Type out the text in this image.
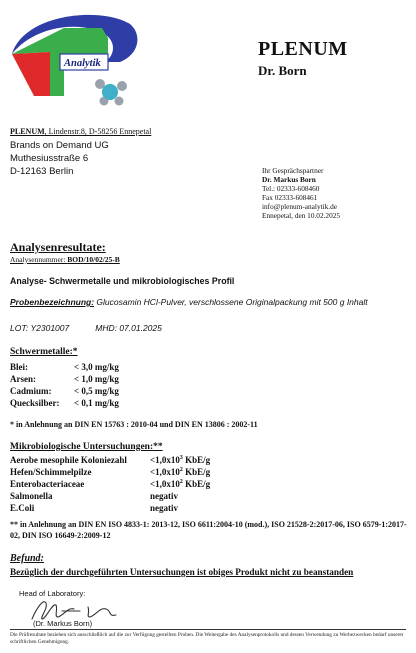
Analytik
PLENUM
Dr. Born
PLENUM, Lindenstr.8, D-58256 Ennepetal
Brands on Demand UG
Muthesiusstraße 6
D-12163 Berlin	Ihr Gesprächspartner
Dr. Markus Born
Tel.: 02333-608460
Fax 02333-608461
info@plenum-analytik.de
Ennepetal, den 10.02.2025
Analysenresultate:
Analysennummer: BOD/10/02/25-B
Analyse- Schwermetalle und mikrobiologisches Profil
Probenbezeichnung: Glucosamin HCl-Pulver, verschlossene Originalpackung mit 500 g Inhalt
LOT: Y2301007	MHD: 07.01.2025
Schwermetalle:*
Blei:	< 3,0 mg/kg
Arsen:	< 1,0 mg/kg
Cadmium: < 0,5 mg/kg
Quecksilber: < 0,1 mg/kg
* in Anlehnung an DIN EN 15763 : 2010-04 und DIN EN 13806 : 2002-11
Mikrobiologische Untersuchungen:**
Aerobe mesophile Koloniezahl	$<1,0x10^3$ KbE/g
Hefen/Schimmelpilze	$<1,0x10^2$ KbE/g
Enterobacteriaceae	$<1,0x10^2$ KbE/g
Salmonella	negativ
E.Coli	negativ
** in Anlehnung an DIN EN ISO 4833-1: 2013-12, ISO 6611:2004-10 (mod.), ISO 21528-2:2017-06, ISO 6579-1:2017-02, DIN ISO 16649-2:2009-12
Befund:
Bezüglich der durchgeführten Untersuchungen ist obiges Produkt nicht zu beanstanden
Head of Laboratory:
(Dr. Markus Born)
Die Prüfresultate beziehen sich ausschließlich auf die zur Verfügung gestellten Proben. Die Weitergabe des Analysenprotokolls und dessen Verwendung zu Werbezwecken bedarf unserer schriftlichen Genehmigung.
